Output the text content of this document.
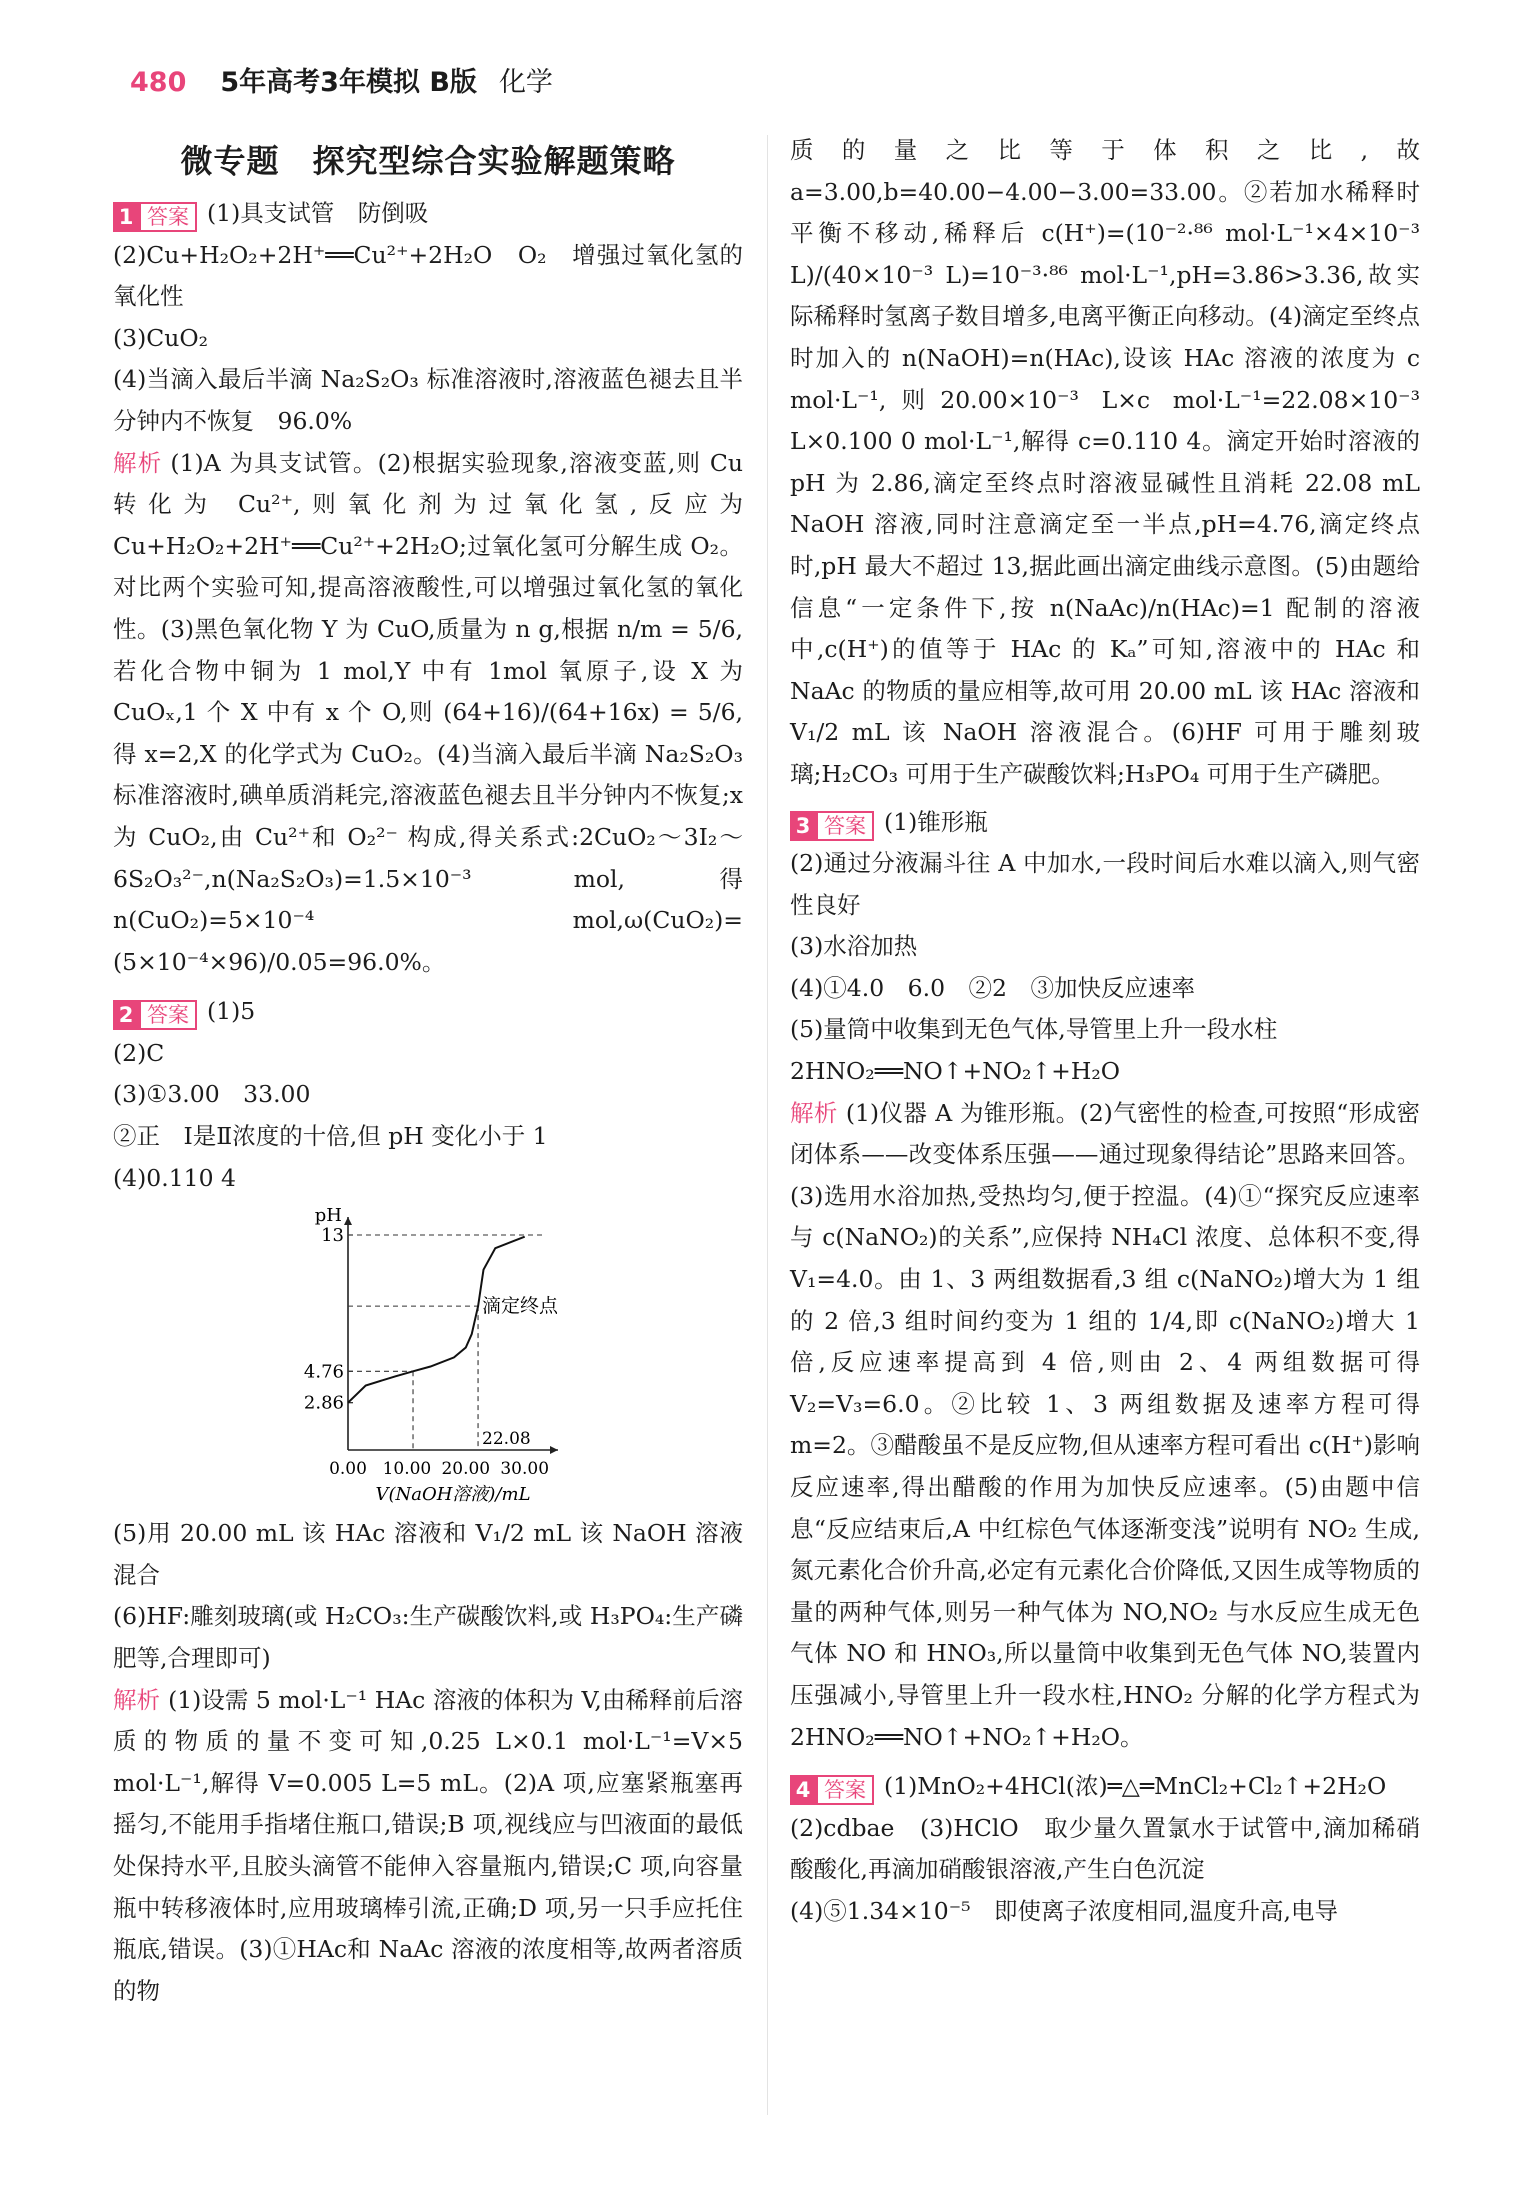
480 5年高考3年模拟 B版 化学
微专题　探究型综合实验解题策略

1 答案 (1)具支试管　防倒吸

(2)Cu+H₂O₂+2H⁺══Cu²⁺+2H₂O　O₂　增强过氧化氢的氧化性

(3)CuO₂

(4)当滴入最后半滴 Na₂S₂O₃ 标准溶液时,溶液蓝色褪去且半分钟内不恢复　96.0%

解析 (1)A 为具支试管。(2)根据实验现象,溶液变蓝,则 Cu 转化为 Cu²⁺,则氧化剂为过氧化氢,反应为 Cu+H₂O₂+2H⁺══Cu²⁺+2H₂O;过氧化氢可分解生成 O₂。对比两个实验可知,提高溶液酸性,可以增强过氧化氢的氧化性。(3)黑色氧化物 Y 为 CuO,质量为 n g,根据 n/m = 5/6,若化合物中铜为 1 mol,Y 中有 1mol 氧原子,设 X 为 CuOₓ,1 个 X 中有 x 个 O,则 (64+16)/(64+16x) = 5/6,得 x=2,X 的化学式为 CuO₂。(4)当滴入最后半滴 Na₂S₂O₃ 标准溶液时,碘单质消耗完,溶液蓝色褪去且半分钟内不恢复;x 为 CuO₂,由 Cu²⁺和 O₂²⁻ 构成,得关系式:2CuO₂～3I₂～6S₂O₃²⁻,n(Na₂S₂O₃)=1.5×10⁻³ mol,得 n(CuO₂)=5×10⁻⁴ mol,ω(CuO₂)=(5×10⁻⁴×96)/0.05=96.0%。

2 答案 (1)5

(2)C

(3)①3.00　33.00

②正　Ⅰ是Ⅱ浓度的十倍,但 pH 变化小于 1

(4)0.110 4

pH
2.86
4.76
13
0.00 10.00 20.00 30.00
V(NaOH溶液)/mL
滴定终点
22.08

(5)用 20.00 mL 该 HAc 溶液和 V₁/2 mL 该 NaOH 溶液混合

(6)HF:雕刻玻璃(或 H₂CO₃:生产碳酸饮料,或 H₃PO₄:生产磷肥等,合理即可)

解析 (1)设需 5 mol·L⁻¹ HAc 溶液的体积为 V,由稀释前后溶质的物质的量不变可知,0.25 L×0.1 mol·L⁻¹=V×5 mol·L⁻¹,解得 V=0.005 L=5 mL。(2)A 项,应塞紧瓶塞再摇匀,不能用手指堵住瓶口,错误;B 项,视线应与凹液面的最低处保持水平,且胶头滴管不能伸入容量瓶内,错误;C 项,向容量瓶中转移液体时,应用玻璃棒引流,正确;D 项,另一只手应托住瓶底,错误。(3)①HAc和 NaAc 溶液的浓度相等,故两者溶质的物

质的量之比等于体积之比,故 a=3.00,b=40.00−4.00−3.00=33.00。②若加水稀释时平衡不移动,稀释后 c(H⁺)=(10⁻²·⁸⁶ mol·L⁻¹×4×10⁻³ L)/(40×10⁻³ L)=10⁻³·⁸⁶ mol·L⁻¹,pH=3.86>3.36,故实际稀释时氢离子数目增多,电离平衡正向移动。(4)滴定至终点时加入的 n(NaOH)=n(HAc),设该 HAc 溶液的浓度为 c mol·L⁻¹,则20.00×10⁻³ L×c mol·L⁻¹=22.08×10⁻³ L×0.100 0 mol·L⁻¹,解得 c=0.110 4。滴定开始时溶液的 pH 为 2.86,滴定至终点时溶液显碱性且消耗 22.08 mL NaOH 溶液,同时注意滴定至一半点,pH=4.76,滴定终点时,pH 最大不超过 13,据此画出滴定曲线示意图。(5)由题给信息“一定条件下,按 n(NaAc)/n(HAc)=1 配制的溶液中,c(H⁺)的值等于 HAc 的 Kₐ”可知,溶液中的 HAc 和 NaAc 的物质的量应相等,故可用 20.00 mL 该 HAc 溶液和 V₁/2 mL 该 NaOH 溶液混合。(6)HF 可用于雕刻玻璃;H₂CO₃ 可用于生产碳酸饮料;H₃PO₄ 可用于生产磷肥。

3 答案 (1)锥形瓶

(2)通过分液漏斗往 A 中加水,一段时间后水难以滴入,则气密性良好

(3)水浴加热

(4)①4.0　6.0　②2　③加快反应速率

(5)量筒中收集到无色气体,导管里上升一段水柱

2HNO₂══NO↑+NO₂↑+H₂O

解析 (1)仪器 A 为锥形瓶。(2)气密性的检查,可按照“形成密闭体系——改变体系压强——通过现象得结论”思路来回答。(3)选用水浴加热,受热均匀,便于控温。(4)①“探究反应速率与 c(NaNO₂)的关系”,应保持 NH₄Cl 浓度、总体积不变,得 V₁=4.0。由 1、3 两组数据看,3 组 c(NaNO₂)增大为 1 组的 2 倍,3 组时间约变为 1 组的 1/4,即 c(NaNO₂)增大 1 倍,反应速率提高到 4 倍,则由 2、4 两组数据可得 V₂=V₃=6.0。②比较 1、3 两组数据及速率方程可得 m=2。③醋酸虽不是反应物,但从速率方程可看出 c(H⁺)影响反应速率,得出醋酸的作用为加快反应速率。(5)由题中信息“反应结束后,A 中红棕色气体逐渐变浅”说明有 NO₂ 生成,氮元素化合价升高,必定有元素化合价降低,又因生成等物质的量的两种气体,则另一种气体为 NO,NO₂ 与水反应生成无色气体 NO 和 HNO₃,所以量筒中收集到无色气体 NO,装置内压强减小,导管里上升一段水柱,HNO₂ 分解的化学方程式为 2HNO₂══NO↑+NO₂↑+H₂O。

4 答案 (1)MnO₂+4HCl(浓)═△═MnCl₂+Cl₂↑+2H₂O

(2)cdbae　(3)HClO　取少量久置氯水于试管中,滴加稀硝酸酸化,再滴加硝酸银溶液,产生白色沉淀

(4)⑤1.34×10⁻⁵　即使离子浓度相同,温度升高,电导
